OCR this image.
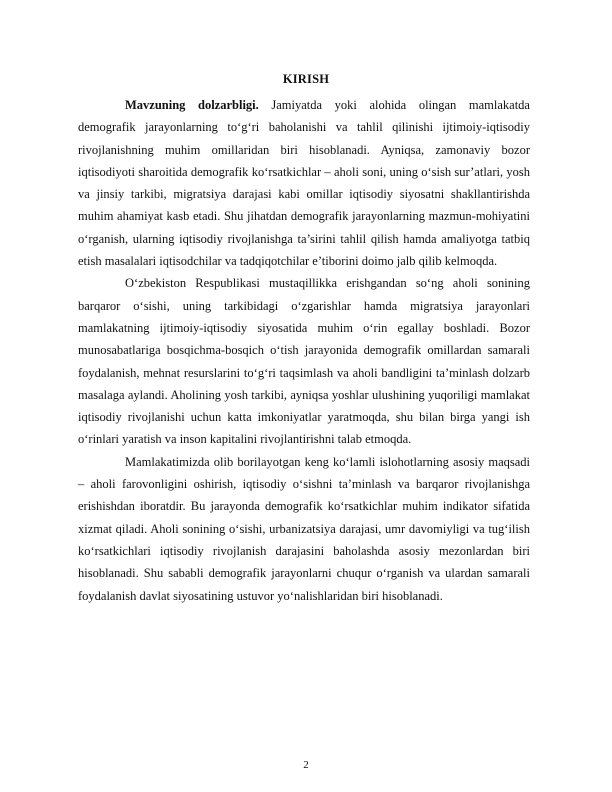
KIRISH

Mavzuning dolzarbligi. Jamiyatda yoki alohida olingan mamlakatda demografik jarayonlarning to‘g‘ri baholanishi va tahlil qilinishi ijtimoiy-iqtisodiy rivojlanishning muhim omillaridan biri hisoblanadi. Ayniqsa, zamonaviy bozor iqtisodiyoti sharoitida demografik ko‘rsatkichlar – aholi soni, uning o‘sish sur’atlari, yosh va jinsiy tarkibi, migratsiya darajasi kabi omillar iqtisodiy siyosatni shakllantirishda muhim ahamiyat kasb etadi. Shu jihatdan demografik jarayonlarning mazmun-mohiyatini o‘rganish, ularning iqtisodiy rivojlanishga ta’sirini tahlil qilish hamda amaliyotga tatbiq etish masalalari iqtisodchilar va tadqiqotchilar e’tiborini doimo jalb qilib kelmoqda.

O‘zbekiston Respublikasi mustaqillikka erishgandan so‘ng aholi sonining barqaror o‘sishi, uning tarkibidagi o‘zgarishlar hamda migratsiya jarayonlari mamlakatning ijtimoiy-iqtisodiy siyosatida muhim o‘rin egallay boshladi. Bozor munosabatlariga bosqichma-bosqich o‘tish jarayonida demografik omillardan samarali foydalanish, mehnat resurslarini to‘g‘ri taqsimlash va aholi bandligini ta’minlash dolzarb masalaga aylandi. Aholining yosh tarkibi, ayniqsa yoshlar ulushining yuqoriligi mamlakat iqtisodiy rivojlanishi uchun katta imkoniyatlar yaratmoqda, shu bilan birga yangi ish o‘rinlari yaratish va inson kapitalini rivojlantirishni talab etmoqda.

Mamlakatimizda olib borilayotgan keng ko‘lamli islohotlarning asosiy maqsadi – aholi farovonligini oshirish, iqtisodiy o‘sishni ta’minlash va barqaror rivojlanishga erishishdan iboratdir. Bu jarayonda demografik ko‘rsatkichlar muhim indikator sifatida xizmat qiladi. Aholi sonining o‘sishi, urbanizatsiya darajasi, umr davomiyligi va tug‘ilish ko‘rsatkichlari iqtisodiy rivojlanish darajasini baholashda asosiy mezonlardan biri hisoblanadi. Shu sababli demografik jarayonlarni chuqur o‘rganish va ulardan samarali foydalanish davlat siyosatining ustuvor yo‘nalishlaridan biri hisoblanadi.

2
